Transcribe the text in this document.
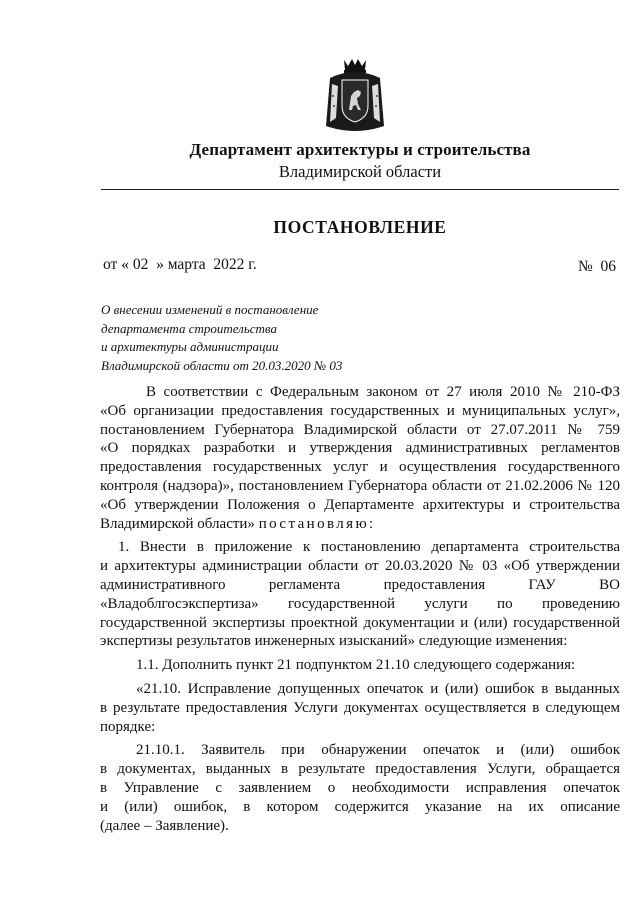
Департамент архитектуры и строительства
Владимирской области
ПОСТАНОВЛЕНИЕ
от « 02  » марта  2022 г.	№  06
О внесении изменений в постановление
департамента строительства
и архитектуры администрации
Владимирской области от 20.03.2020 № 03
В соответствии с Федеральным законом от 27 июля 2010 № 210-ФЗ
«Об организации предоставления государственных и муниципальных услуг»,
постановлением Губернатора Владимирской области от 27.07.2011 № 759
«О порядках разработки и утверждения административных регламентов
предоставления государственных услуг и осуществления государственного
контроля (надзора)», постановлением Губернатора области от 21.02.2006 № 120
«Об утверждении Положения о Департаменте архитектуры и строительства
Владимирской области» постановляю:
1. Внести в приложение к постановлению департамента строительства
и архитектуры администрации области от 20.03.2020 № 03 «Об утверждении
административного регламента предоставления ГАУ ВО
«Владоблгосэкспертиза» государственной услуги по проведению
государственной экспертизы проектной документации и (или) государственной
экспертизы результатов инженерных изысканий» следующие изменения:
1.1. Дополнить пункт 21 подпунктом 21.10 следующего содержания:
«21.10. Исправление допущенных опечаток и (или) ошибок в выданных
в результате предоставления Услуги документах осуществляется в следующем
порядке:
21.10.1. Заявитель при обнаружении опечаток и (или) ошибок
в документах, выданных в результате предоставления Услуги, обращается
в Управление с заявлением о необходимости исправления опечаток
и (или) ошибок, в котором содержится указание на их описание
(далее – Заявление).
